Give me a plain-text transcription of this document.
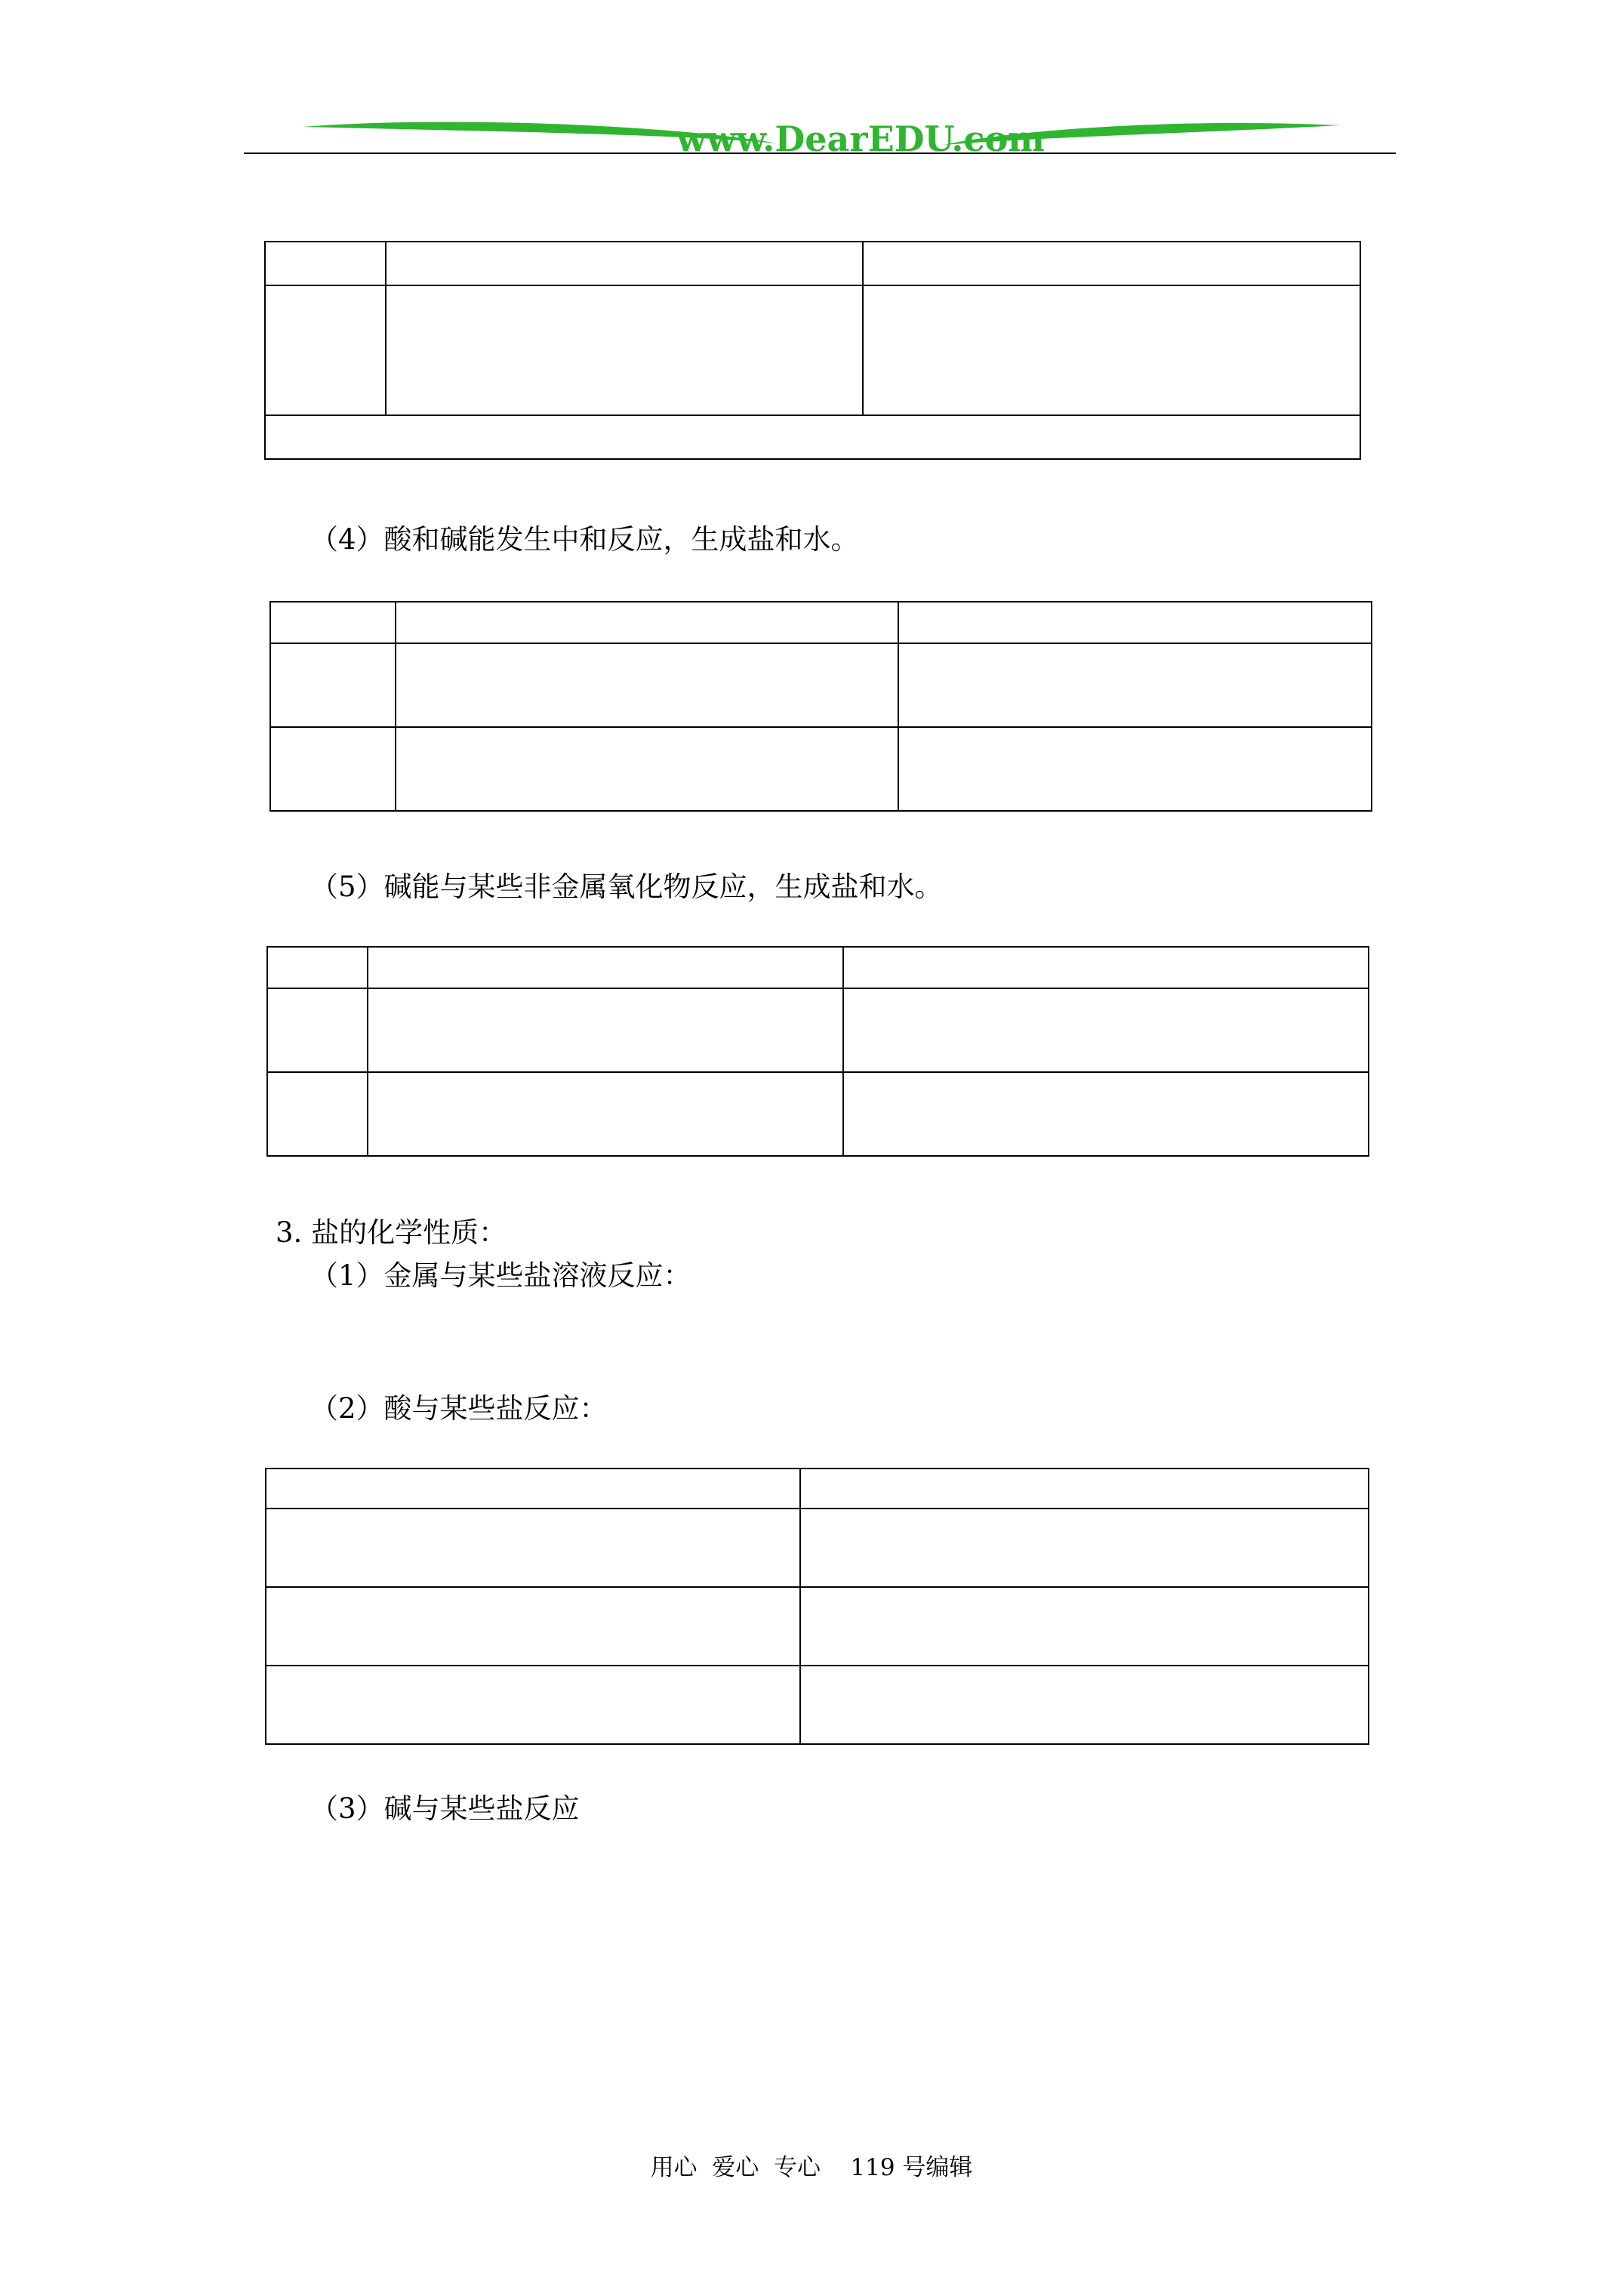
www.DearEDU.com

（4）酸和碱能发生中和反应，生成盐和水。

（5）碱能与某些非金属氧化物反应，生成盐和水。

3. 盐的化学性质：
（1）金属与某些盐溶液反应：
（2）酸与某些盐反应：

（3）碱与某些盐反应
用心  爱心  专心    119 号编辑
